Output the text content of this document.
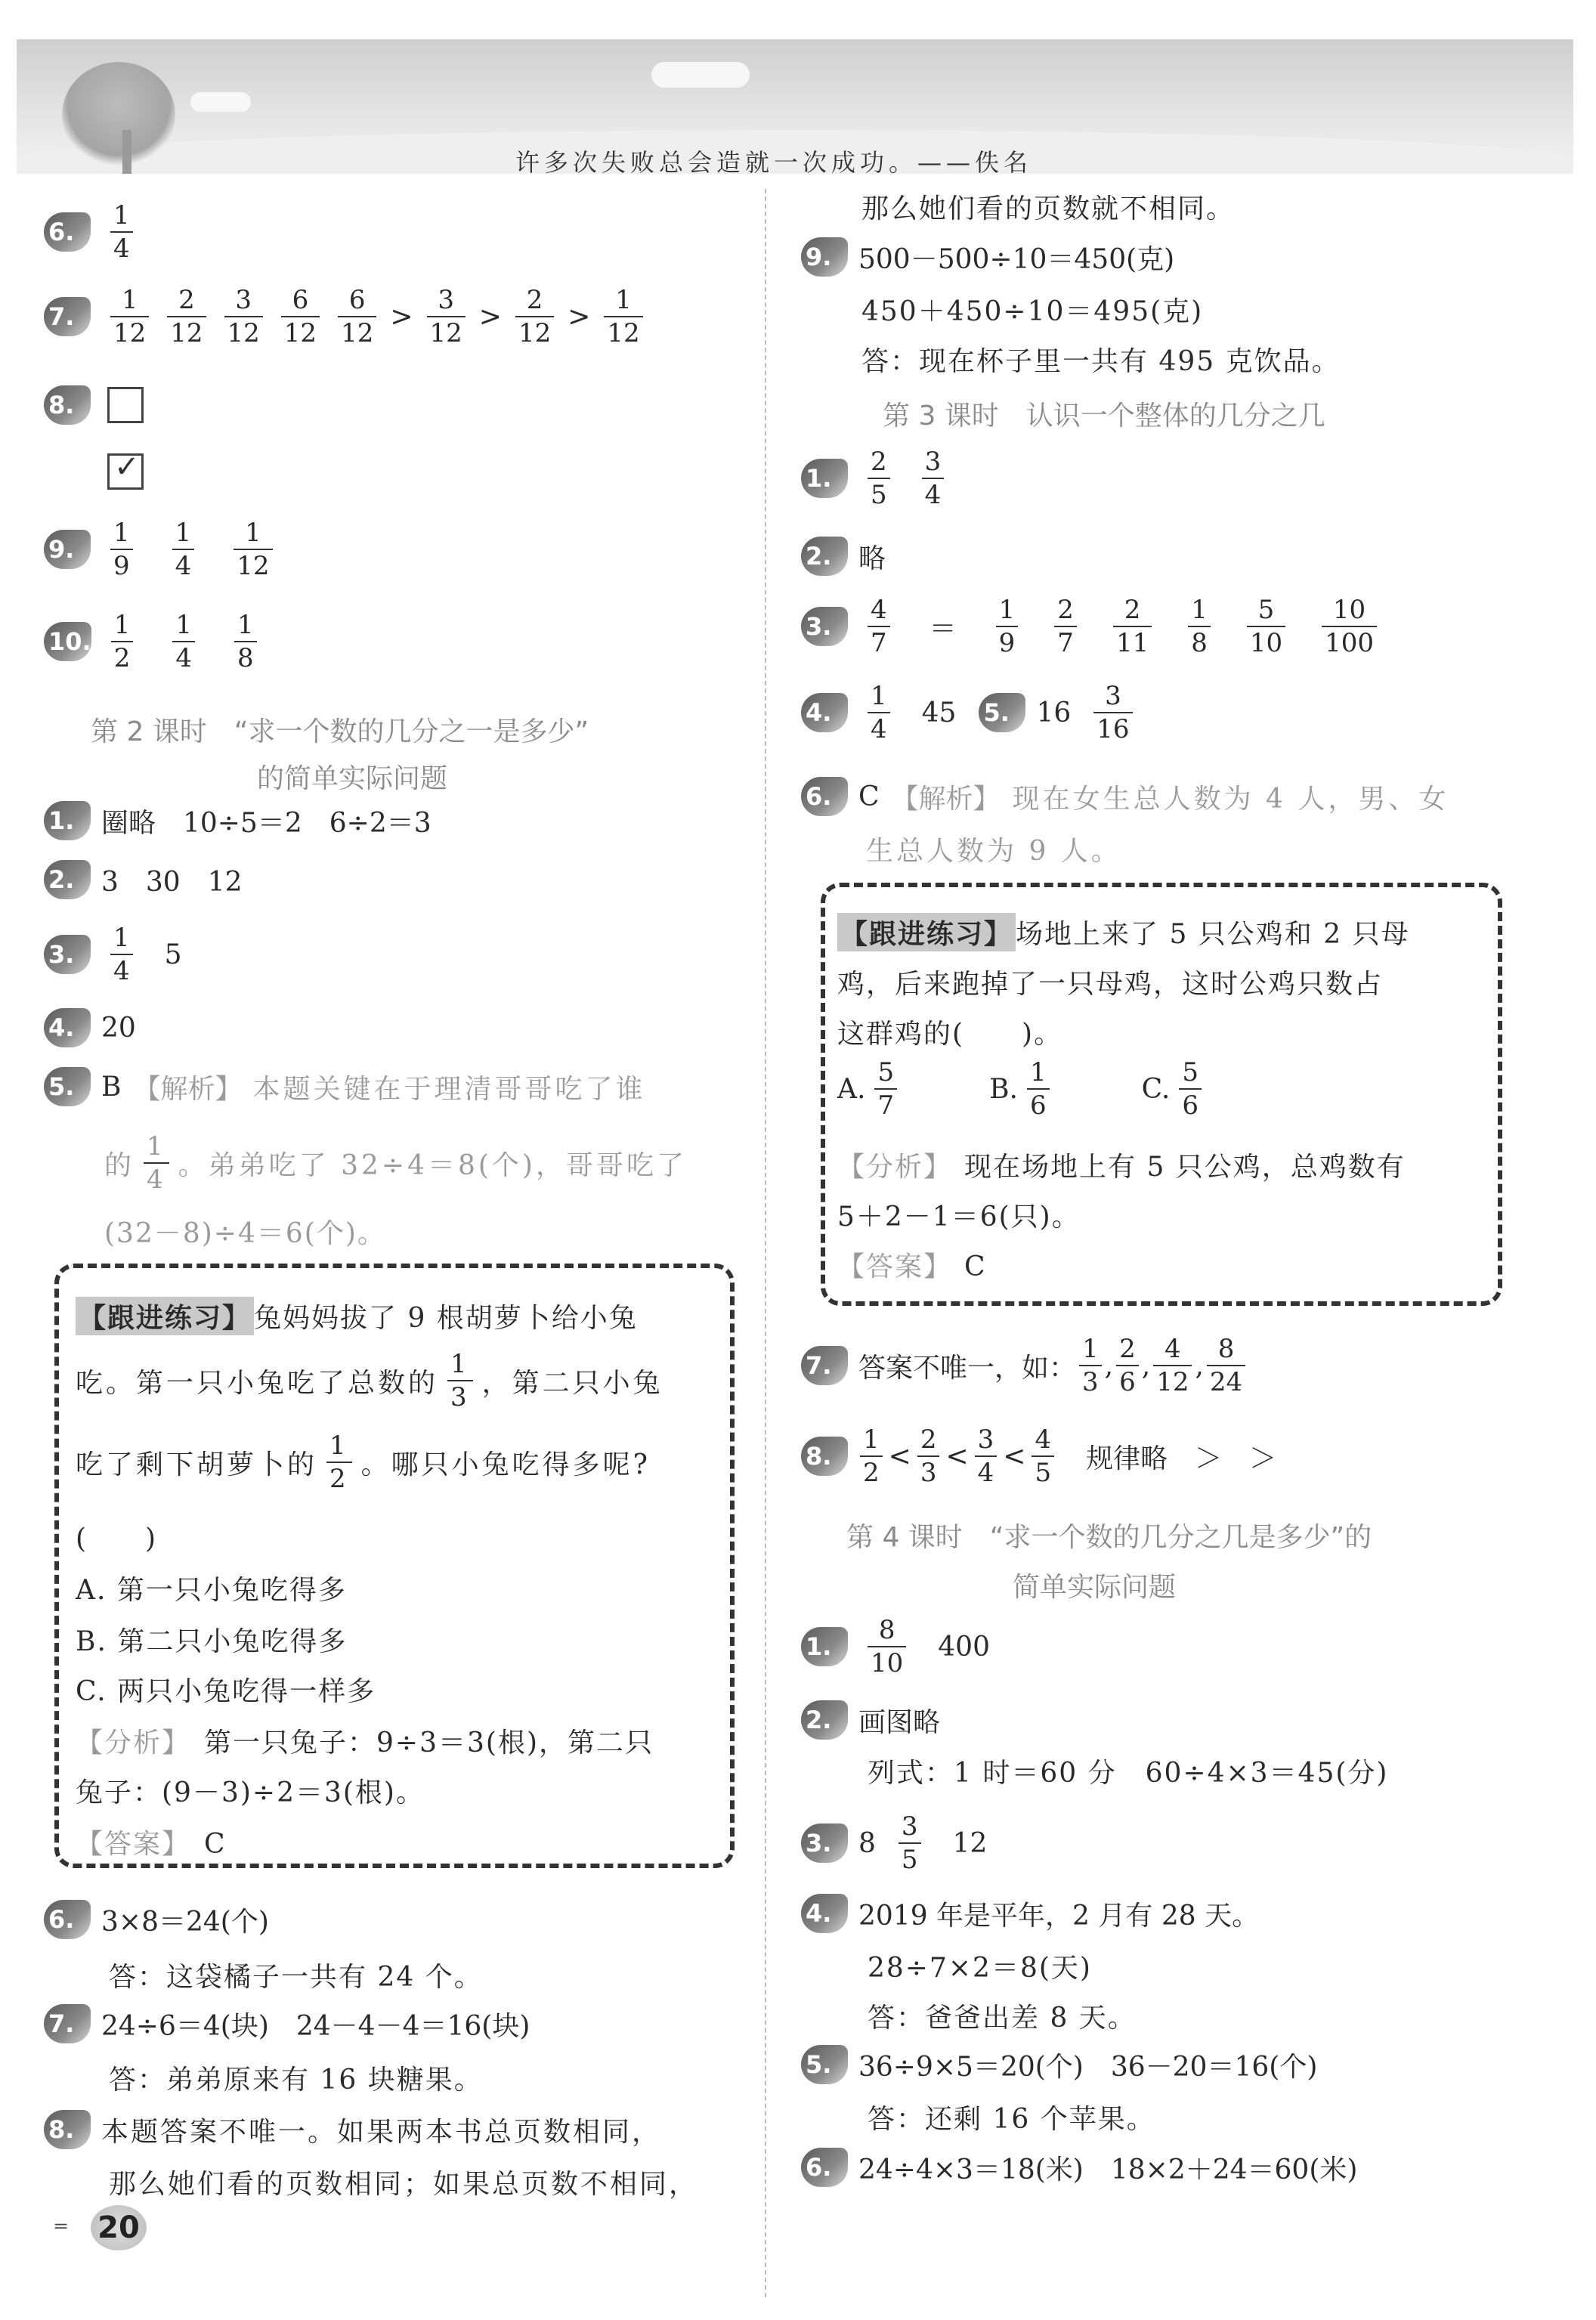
许多次失败总会造就一次成功。——佚名
6.	$\frac{1}{4}$
7.	$\frac{1}{12} \frac{2}{12} \frac{3}{12} \frac{6}{12} \frac{6}{12} > \frac{3}{12} > \frac{2}{12} > \frac{1}{12}$
8.
✓
9.	$\frac{1}{9} \frac{1}{4} \frac{1}{12}$
10. $\frac{1}{2} \frac{1}{4} \frac{1}{8}$
第 2 课时　“求一个数的几分之一是多少”
的简单实际问题
1. 圈略　10÷5＝2　6÷2＝3
2. 3　30　12
3.	$\frac{1}{4} 5$
4. 20
5. B 【解析】 本题关键在于理清哥哥吃了谁
的 $\frac{1}{4}$ 。弟弟吃了 32÷4＝8(个)，哥哥吃了
(32－8)÷4＝6(个)。
【跟进练习】 兔妈妈拔了 9 根胡萝卜给小兔
吃。第一只小兔吃了总数的 $\frac{1}{3}$ ，第二只小兔
吃了剩下胡萝卜的 $\frac{1}{2}$ 。哪只小兔吃得多呢?
(　　)
A. 第一只小兔吃得多
B. 第二只小兔吃得多
C. 两只小兔吃得一样多
【分析】 第一只兔子：9÷3＝3(根)，第二只
兔子：(9－3)÷2＝3(根)。
【答案】 C
6. 3×8＝24(个)
答：这袋橘子一共有 24 个。
7. 24÷6＝4(块)　24－4－4＝16(块)
答：弟弟原来有 16 块糖果。
8. 本题答案不唯一。如果两本书总页数相同，
那么她们看的页数相同；如果总页数不相同，
⁼ 20
那么她们看的页数就不相同。
9. 500－500÷10＝450(克)
450＋450÷10＝495(克)
答：现在杯子里一共有 495 克饮品。
第 3 课时　认识一个整体的几分之几
1.	$\frac{2}{5} \frac{3}{4}$
2. 略
3.	$\frac{4}{7} = \frac{1}{9} \frac{2}{7} \frac{2}{11} \frac{1}{8} \frac{5}{10} \frac{10}{100}$
4.	$\frac{1}{4} 45$ 5. $16 \frac{3}{16}$
6. C 【解析】 现在女生总人数为 4 人，男、女
生总人数为 9 人。
【跟进练习】 场地上来了 5 只公鸡和 2 只母
鸡，后来跑掉了一只母鸡，这时公鸡只数占
这群鸡的(　　)。
A. $\frac{5}{7}$	B. $\frac{1}{6}$	C. $\frac{5}{6}$
【分析】 现在场地上有 5 只公鸡，总鸡数有
5＋2－1＝6(只)。
【答案】 C
7. 答案不唯一，如： $\frac{1}{3}$ , $\frac{2}{6}$ , $\frac{4}{12}$ , $\frac{8}{24}$
8.	$\frac{1}{2} < \frac{2}{3} < \frac{3}{4} < \frac{4}{5}$ 规律略　＞　＞
第 4 课时　“求一个数的几分之几是多少”的
简单实际问题
1.	$\frac{8}{10} 400$
2. 画图略
列式：1 时＝60 分　60÷4×3＝45(分)
3. $8 \frac{3}{5} 12$
4. 2019 年是平年，2 月有 28 天。
28÷7×2＝8(天)
答：爸爸出差 8 天。
5. 36÷9×5＝20(个)　36－20＝16(个)
答：还剩 16 个苹果。
6. 24÷4×3＝18(米)　18×2＋24＝60(米)
